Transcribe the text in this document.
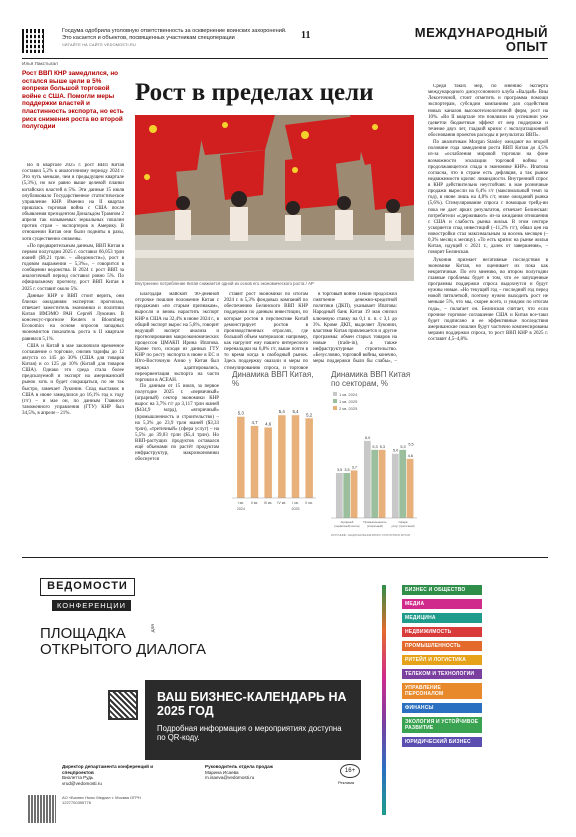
Госдума одобрила уголовную ответственность за осквернение воинских захоронений. Это касается и объектов, посвященных участникам спецоперации
ЧИТАЙТЕ НА САЙТЕ VEDOMOSTI.RU
11	МЕЖДУНАРОДНЫЙ ОПЫТ
Илья Лакстыгал
Рост ВВП КНР замедлился, но остался выше цели в 5% вопреки большой торговой войне с США. Помогли меры поддержки властей и пластинность экспорта, но есть риск снижения роста во второй полугодии

Во II квартале 2025 г. рост ВВП Китая составил 5,2% к аналогичному периоду 2024 г. Это чуть меньше, чем в предыдущем квартале (5,3%), но все равно выше целевой планки китайских властей в 5%. Эти данные 15 июля опубликовало Государственное статистическое управление КНР. Именно на II квартал пришлась торговая война с США после объявления президентом Дональдом Трампом 2 апреля так называемых зеркальных пошлин против стран – экспортеров в Америку. В отношении Китая они были подняты в разы, хотя существенно снижены.

«По предварительным данным, ВВП Китая в первом полугодии 2025 г. составил 66,053 трлн юаней ($9,21 трлн. – «Ведомости»), рост в годовом выражении – 5,3%», – говорится в сообщении ведомства. В 2024 г. рост ВВП за аналогичный период составил ровно 5%. По официальному прогнозу, рост ВВП Китая в 2025 г. составит около 5%.

Данные КНР о ВВП стоит верить, они близки ожиданиям экспертов: прогнозам, отвечает заместитель экономики и политики Китая ИМЭМО РАН Сергей Луконин. В консенсус-прогнозе Reuters и Bloomberg Economics на основе опросов западных экономистов показатель роста в II квартале равнялся 5,1%.

США и Китай в мае заключили временное соглашение о торговле, снизив тарифы до 12 августа со 145 до 30% (США для товаров Китая) и со 125 до 10% (Китай для товаров США). Однако это среда стала более предсказуемой и экспорт на американский рынок хоть и будет сокращаться, по не так быстро, замечает Луконин. Спад выставок в США в июне замедлился до 16,1% год к году (г/г) – и мае он, по данным Главного таможенного управления (ГТУ) КНР был 34,5%, в апреле – 21%.

Рост в пределах цели
Внутреннее потребление Китая снижается одной из основ его экономического роста / AP

Благодаря майской 90-дневной отсрочке пошлин положение Китая с продажами «по старым признакам», выросли и вновь нарастить экспорт КНР в США на 32,4% в июне 2024 г., в общий экспорт вырос на 5,8%, говорит ведущий эксперт анализа и прогнозирования макроэкономических процессов ЦМАКП Ирина Ипатова. Кроме того, исходя из данных ГТУ КНР по росту экспорта в июне в ЕС и Юго-Восточную Азию у Китая был зеркал адаптировались, переориентация экспорта на части торговли в АСЕАН.

По данным от 15 июля, за первое полугодие 2025 г. «первичный» (аграрный) сектор экономики КНР вырос на 3,7% г/г до 3,117 трлн юаней ($434,9 млрд), «вторичный» (промышленность и строительство) – на 5,3% до 23,9 трлн юаней ($3,33 трлн), «третичный» (сфера услуг) – на 5,5% до 39,03 трлн ($5,4 трлн). Но ВВП-растущих продуктов оставался ещё объемами по растёт продуктам инфраструктур, макроэкономики обоснуется

ставит рост экономики по итогам 2024 г. в 5,3% фондовых компаний по обеспечению Белинского ВВП КНР поддержки по данным инвестиции, по которые ростов в перспективе Китай демонстрирует ростов в производственных отраслях, где большой объем материалов: например, как нагрузит ему нашего интересного переналадки на 6,8% г/г, выше почти в то время когда в свободный рынок. Здесь поддержку оказали и меры по стимулированию спроса, и торговое

в торговый войне Пекин продолжил смягчение денежно-кредитной политики (ДКП), указывает Ипатова: Народный банк Китая 19 мая снизил ключевую ставку на 0,1 п. п. с 3,1 до 3%. Кроме ДКП, выделяет Луконин, властями Китая привлекается и другие программы: обмен старых товаров на новые (trade-in), а также инфраструктурные строительство. «Безусловно, торговой войны, конечно, меры поддержки были бы слабы», –

Динамика ВВП Китая, %
5,3
I кв.
4,7
II кв.
4,6
III кв.
5,4
IV кв.
5,4
I кв.
5,2
II кв.
2024	2025
Динамика ВВП Китая по секторам, %
1 кв. 2024
1 кв. 2025
2 кв. 2025
3,5 3,5
3,7
Аграрный
(первичный) сектор
6,0
5,3 5,3
Промышленность
(вторичный)
5,0
5,3
4,6
Сфера
услуг (третичный)
5,5
ИСТОЧНИК: НАЦИОНАЛЬНОЕ БЮРО СТАТИСТИКИ КИТАЯ

Среди таких мер, по мнению эксперта международного дискуссионного клуба «Валдай» Виы Лексеточной, стоит отметить и программа помощи экспортерам, субсидии компаниям для содействия новых каналов высокотехнологичной фирм, рост на 10%. «Во II квартале эти повлияли на успешнии уже гдеветчи бюджетные эффект от мер поддержки и течение двух лет, гладкий кризис с эксплуатационной обоснования проектов расходы и результатах ВВП».

По аналитикам Morgan Stanley ожидают во второй половине года замедления роста ВВП Китая до 4,5% из-за «ослабления мировой торговли на фоне возможности эскалации торговой войны и продолжающегося спада в экономике КНР». Ипатова согласна, что в стране есть дефляция, а так рынке недвижимости кризис ликвидности. Внутренний спрос в КНР действительно неустойчив: в мае розничные продажи выросли на 6,4% г/г (максимальный темп за год), в июне лишь на 4,8% г/г, ниже ожиданий рынка (5,6%). Стимулирование спроса с помощью трейд-ин пока не дает ярких результатов, отмечает Белинская: потребители «сдерживают» из-за ожидания отношения с США и слабость рынка жилья. В этом секторе ускоряется спад инвестиций (–11,2% г/г), обвал цен на новостройки стал максимальным за восемь месяцев (–0,3% месяц к месяцу). «То есть кризис на рынке жилья Китая, идущий с 2021 г., далек от завершения», – говорит Белинская.

Луконин признает негативные последствия в экономике Китая, но оценивает их пока как некритичные. По его мнению, во втором полугодии главные проблемы будет в том, что ее запущенные программы поддержки спроса выдохнутся и будут нужны новые. «Но текущий год – последний год перед новой пятилеткой, поэтому нужно выходить рост не меньше 5%, что мы, скорее всего, и увидим по итогам года», – полагает он. Белинская считает, что если прочное торговое соглашение США и Китая все-таки будет подписано и ее эффективные последствия американские пошлин будут частично компенсированы мерами поддержки спроса, то рост ВВП КНР в 2025 г. составит 4,5–4,8%.

ВЕДОМОСТИ
КОНФЕРЕНЦИИ
ПЛОЩАДКА
ОТКРЫТОГО ДИАЛОГА
ДЛЯ
ВАШ БИЗНЕС-КАЛЕНДАРЬ НА 2025 ГОД
Подробная информация о мероприятиях доступна по QR-коду.
Директор департамента конференций и спецпроектов
Виолетта Рудь
vrud@vedomosti.ru
Руководитель отдела продаж
Марина Исаева
m.isaeva@vedomosti.ru
16+
Реклама
АО «Бизнес Ньюс Медиа» г. Москва ОГРН 1227700395776
БИЗНЕС И ОБЩЕСТВО
МЕДИА
МЕДИЦИНА
НЕДВИЖИМОСТЬ
ПРОМЫШЛЕННОСТЬ
РИТЕЙЛ И ЛОГИСТИКА
ТЕЛЕКОМ И ТЕХНОЛОГИИ
УПРАВЛЕНИЕ ПЕРСОНАЛОМ
ФИНАНСЫ
ЭКОЛОГИЯ И УСТОЙЧИВОЕ РАЗВИТИЕ
ЮРИДИЧЕСКИЙ БИЗНЕС
